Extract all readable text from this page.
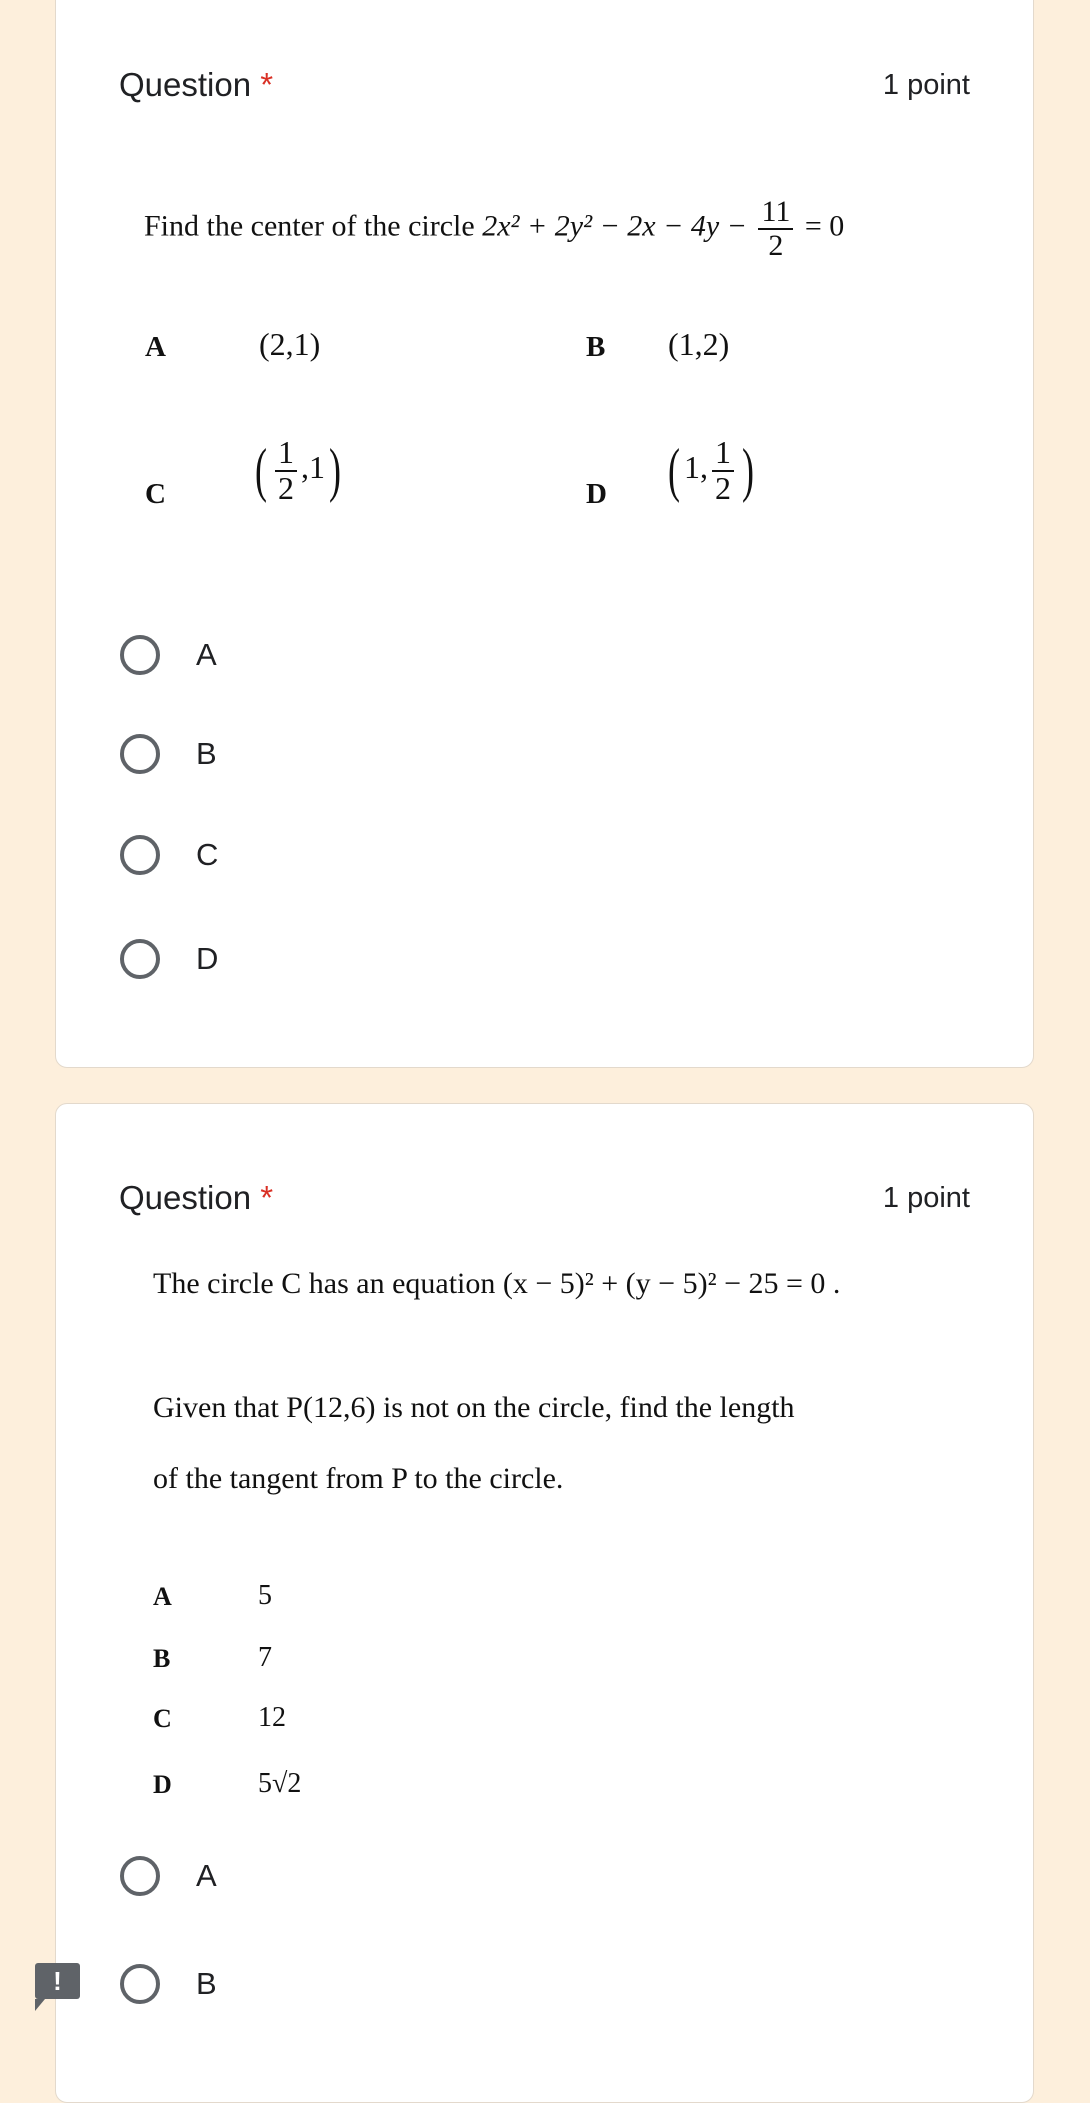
Question *	1 point
Find the center of the circle $2x^2 + 2y^2 - 2x - 4y - \frac{11}{2} = 0$
A	(2,1)	B (1,2)
C ( $\frac{1}{2} ,1$)	D ( 1, $\frac{1}{2}$ )
A
B
C
D
Question *	1 point
The circle C has an equation (x − 5)² + (y − 5)² − 25 = 0 .
Given that P(12,6) is not on the circle, find the length
of the tangent from P to the circle.
A	5
B	7
C	12
D	5√2
A
B
!
